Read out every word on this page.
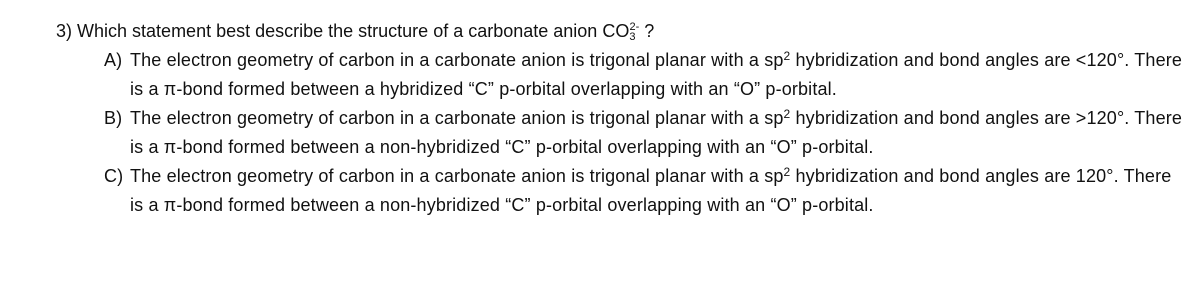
3) Which statement best describe the structure of a carbonate anion $CO_3^{2-}$ ?
A) The electron geometry of carbon in a carbonate anion is trigonal planar with a $sp^2$ hybridization and bond angles are <120°. There is a π-bond formed between a hybridized “C” p-orbital overlapping with an “O” p-orbital.
B) The electron geometry of carbon in a carbonate anion is trigonal planar with a $sp^2$ hybridization and bond angles are >120°. There is a π-bond formed between a non-hybridized “C” p-orbital overlapping with an “O” p-orbital.
C) The electron geometry of carbon in a carbonate anion is trigonal planar with a $sp^2$ hybridization and bond angles are 120°. There is a π-bond formed between a non-hybridized “C” p-orbital overlapping with an “O” p-orbital.
